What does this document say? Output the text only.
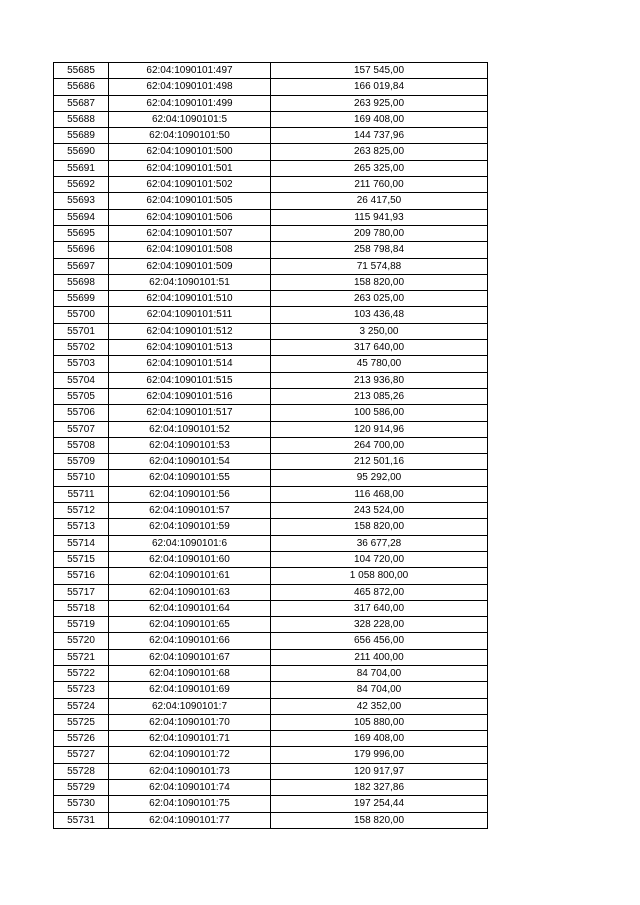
55685	62:04:1090101:497	157 545,00
55686	62:04:1090101:498	166 019,84
55687	62:04:1090101:499	263 925,00
55688	62:04:1090101:5	169 408,00
55689	62:04:1090101:50	144 737,96
55690	62:04:1090101:500	263 825,00
55691	62:04:1090101:501	265 325,00
55692	62:04:1090101:502	211 760,00
55693	62:04:1090101:505	26 417,50
55694	62:04:1090101:506	115 941,93
55695	62:04:1090101:507	209 780,00
55696	62:04:1090101:508	258 798,84
55697	62:04:1090101:509	71 574,88
55698	62:04:1090101:51	158 820,00
55699	62:04:1090101:510	263 025,00
55700	62:04:1090101:511	103 436,48
55701	62:04:1090101:512	3 250,00
55702	62:04:1090101:513	317 640,00
55703	62:04:1090101:514	45 780,00
55704	62:04:1090101:515	213 936,80
55705	62:04:1090101:516	213 085,26
55706	62:04:1090101:517	100 586,00
55707	62:04:1090101:52	120 914,96
55708	62:04:1090101:53	264 700,00
55709	62:04:1090101:54	212 501,16
55710	62:04:1090101:55	95 292,00
55711	62:04:1090101:56	116 468,00
55712	62:04:1090101:57	243 524,00
55713	62:04:1090101:59	158 820,00
55714	62:04:1090101:6	36 677,28
55715	62:04:1090101:60	104 720,00
55716	62:04:1090101:61	1 058 800,00
55717	62:04:1090101:63	465 872,00
55718	62:04:1090101:64	317 640,00
55719	62:04:1090101:65	328 228,00
55720	62:04:1090101:66	656 456,00
55721	62:04:1090101:67	211 400,00
55722	62:04:1090101:68	84 704,00
55723	62:04:1090101:69	84 704,00
55724	62:04:1090101:7	42 352,00
55725	62:04:1090101:70	105 880,00
55726	62:04:1090101:71	169 408,00
55727	62:04:1090101:72	179 996,00
55728	62:04:1090101:73	120 917,97
55729	62:04:1090101:74	182 327,86
55730	62:04:1090101:75	197 254,44
55731	62:04:1090101:77	158 820,00
